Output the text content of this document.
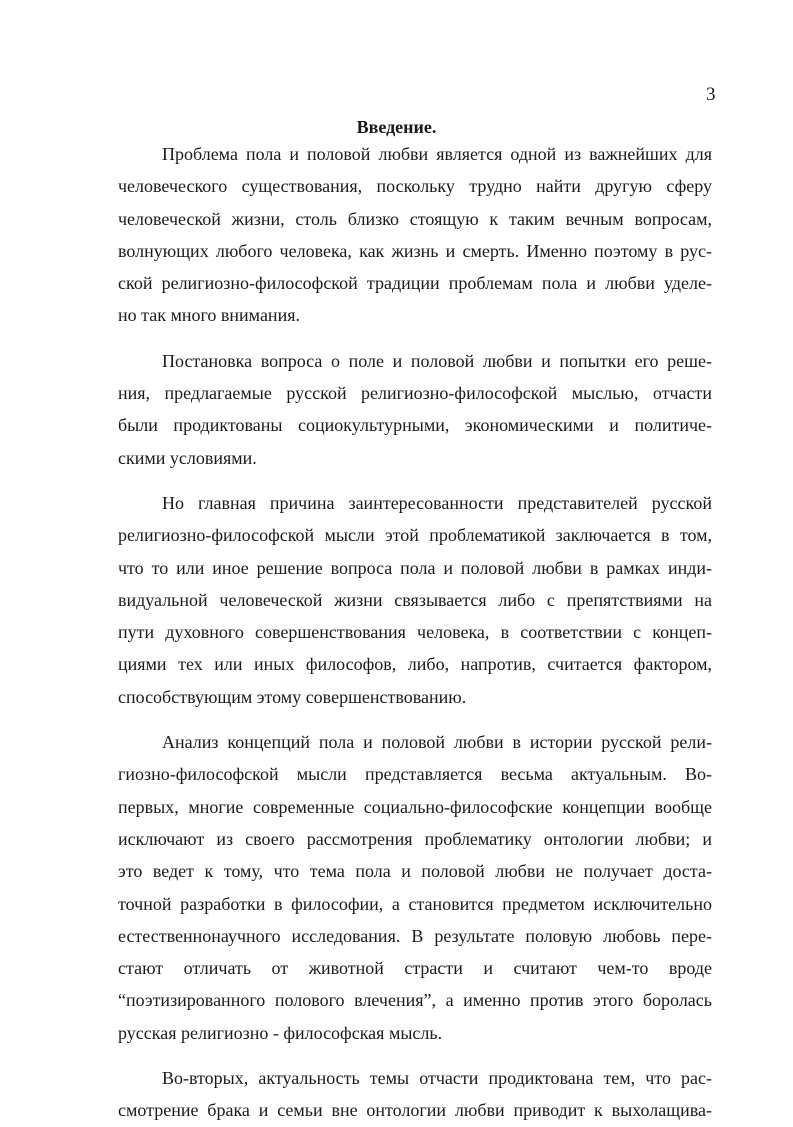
3
Введение.
Проблема пола и половой любви является одной из важнейших для
человеческого существования, поскольку трудно найти другую сферу
человеческой жизни, столь близко стоящую к таким вечным вопросам,
волнующих любого человека, как жизнь и смерть. Именно поэтому в рус-
ской религиозно-философской традиции проблемам пола и любви уделе-
но так много внимания.
Постановка вопроса о поле и половой любви и попытки его реше-
ния, предлагаемые русской религиозно-философской мыслью, отчасти
были продиктованы социокультурными, экономическими и политиче-
скими условиями.
Но главная причина заинтересованности представителей русской
религиозно-философской мысли этой проблематикой заключается в том,
что то или иное решение вопроса пола и половой любви в рамках инди-
видуальной человеческой жизни связывается либо с препятствиями на
пути духовного совершенствования человека, в соответствии с концеп-
циями тех или иных философов, либо, напротив, считается фактором,
способствующим этому совершенствованию.
Анализ концепций пола и половой любви в истории русской рели-
гиозно-философской мысли представляется весьма актуальным. Во-
первых, многие современные социально-философские концепции вообще
исключают из своего рассмотрения проблематику онтологии любви; и
это ведет к тому, что тема пола и половой любви не получает доста-
точной разработки в философии, а становится предметом исключительно
естественнонаучного исследования. В результате половую любовь пере-
стают отличать от животной страсти и считают чем-то вроде
“поэтизированного полового влечения”, а именно против этого боролась
русская религиозно - философская мысль.
Во-вторых, актуальность темы отчасти продиктована тем, что рас-
смотрение брака и семьи вне онтологии любви приводит к выхолащива-
